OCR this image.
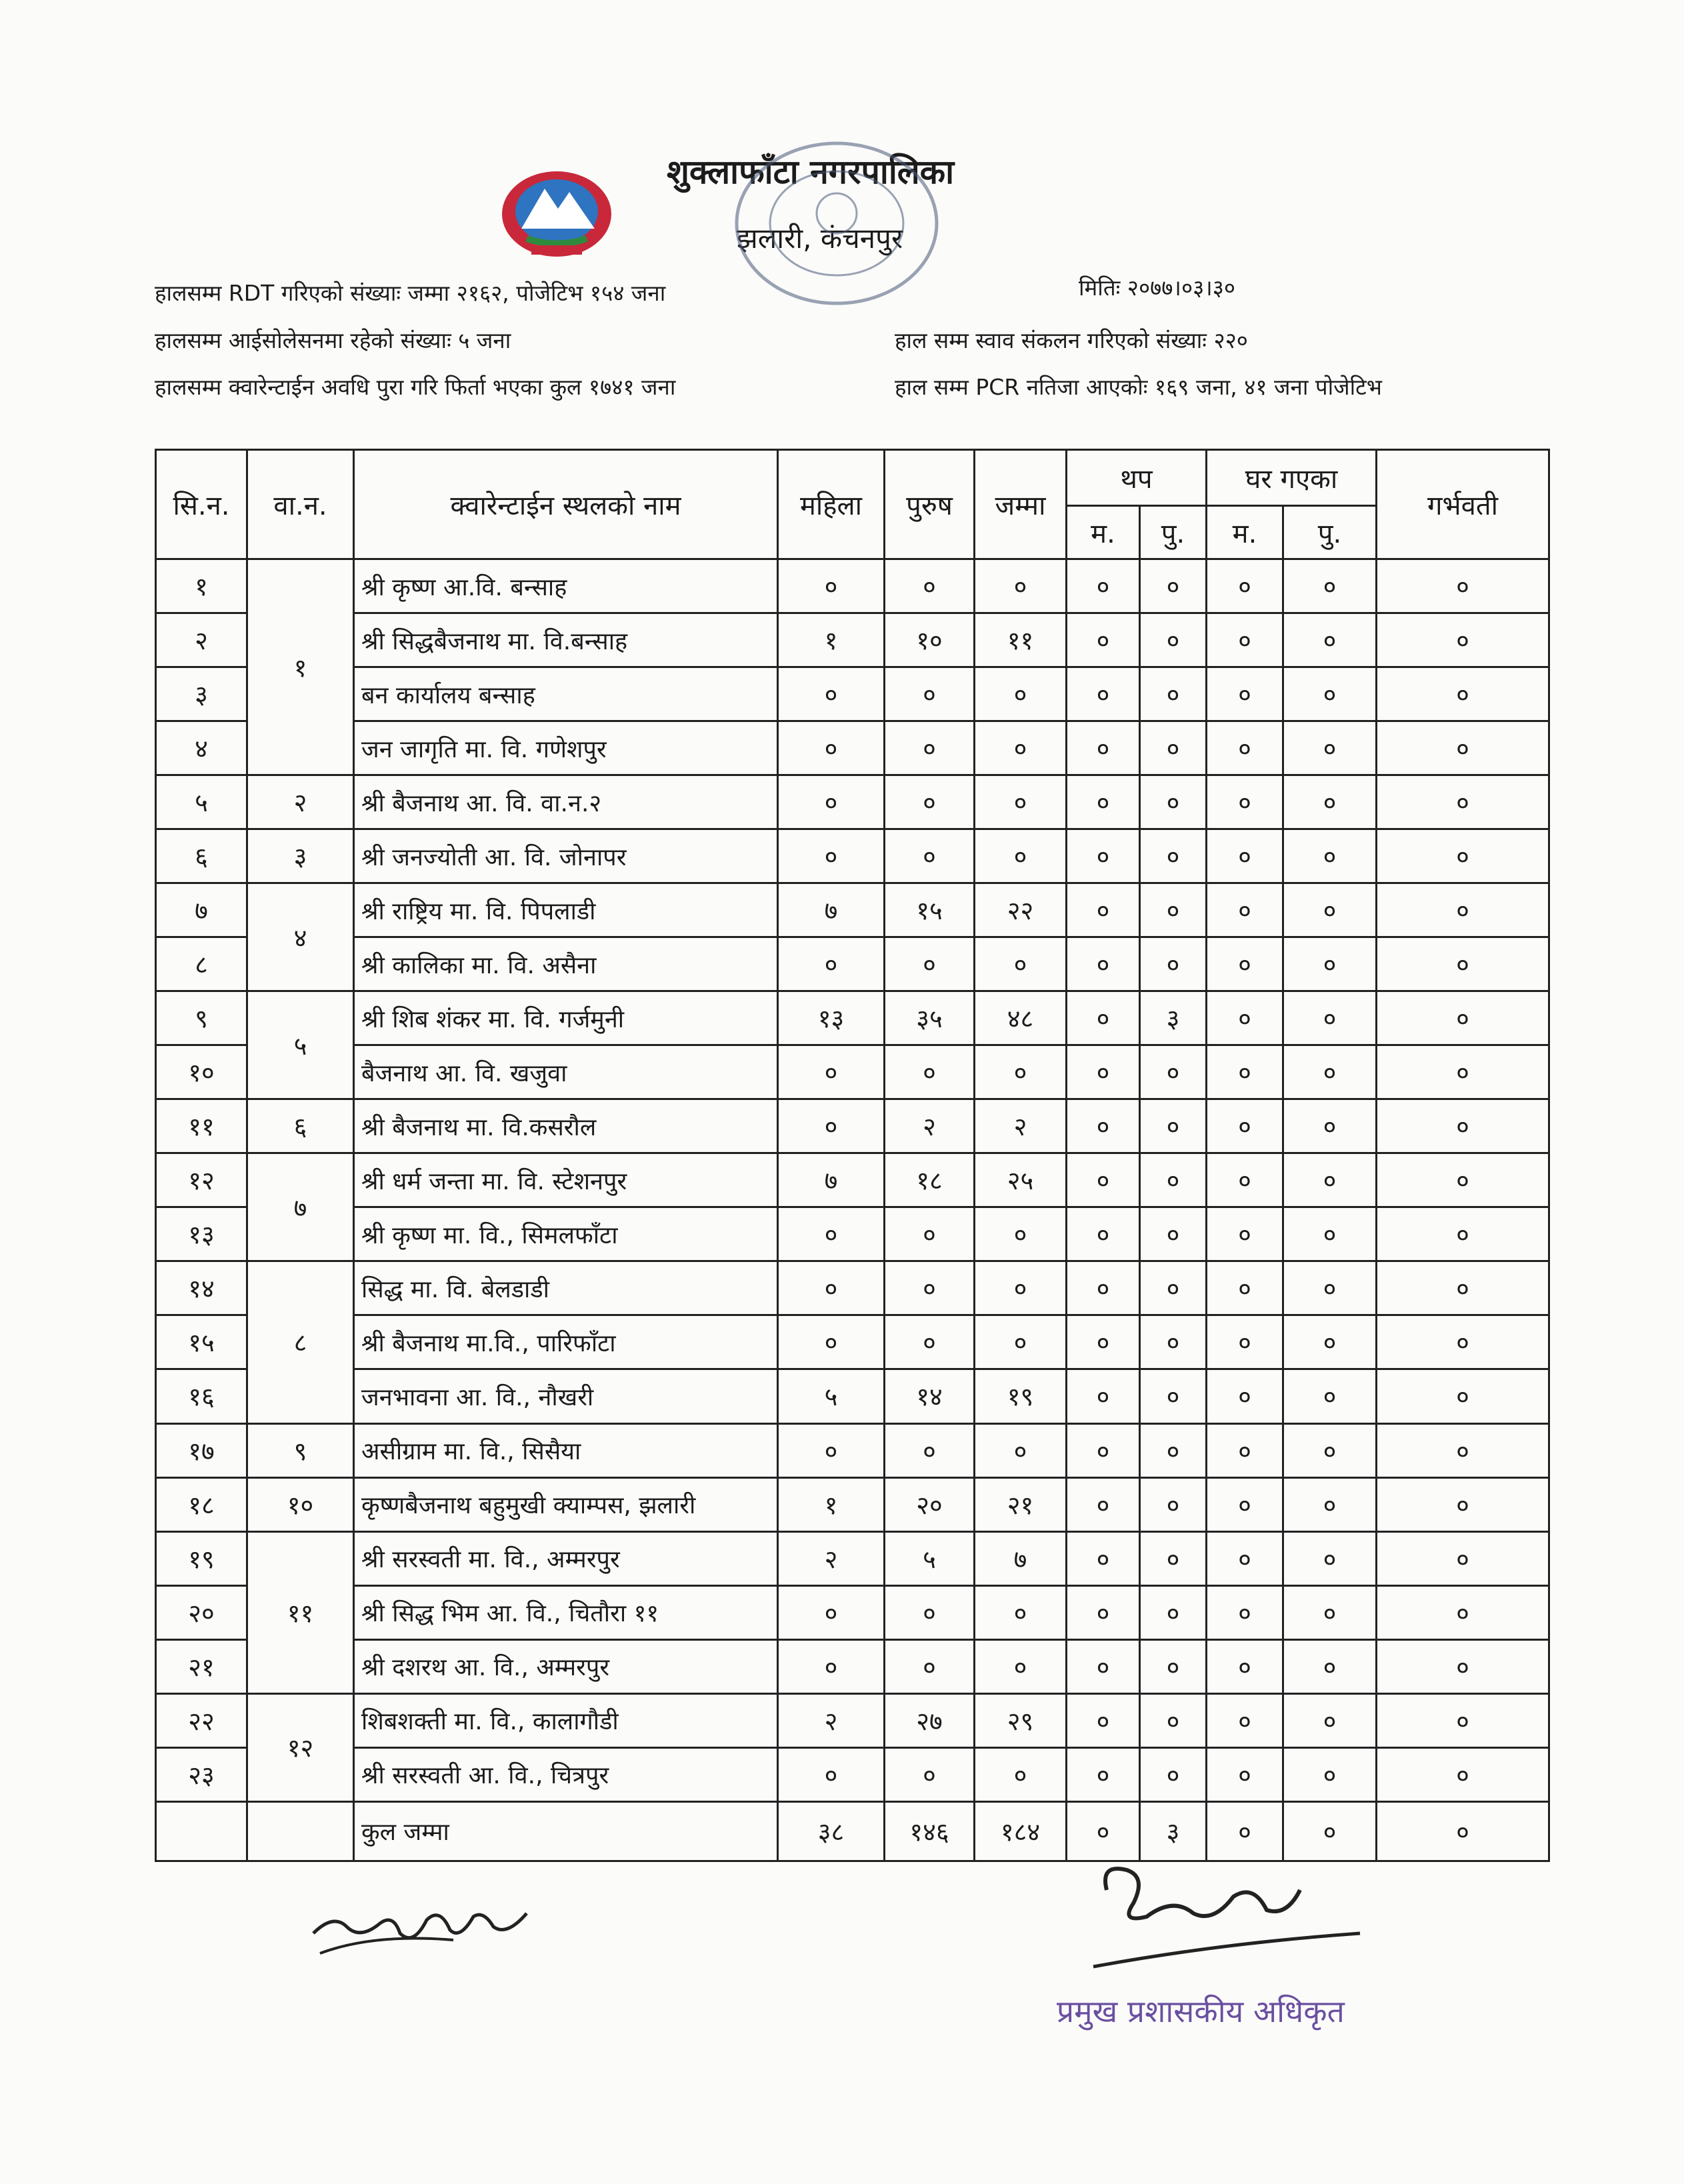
शुक्लाफाँटा नगरपालिका
झलारी, कंचनपुर
हालसम्म RDT गरिएको संख्याः जम्मा २१६२, पोजेटिभ १५४ जना	मितिः २०७७।०३।३०
हालसम्म आईसोलेसनमा रहेको संख्याः ५ जना	हाल सम्म स्वाव संकलन गरिएको संख्याः २२०
हालसम्म क्वारेन्टाईन अवधि पुरा गरि फिर्ता भएका कुल १७४१ जना	हाल सम्म PCR नतिजा आएकोः १६९ जना, ४१ जना पोजेटिभ
सि.न.	वा.न.	क्वारेन्टाईन स्थलको नाम	महिला	पुरुष	जम्मा	थप		घर गएका		गर्भवती
						म.	पु.	म.	पु.	
१	१	श्री कृष्ण आ.वि. बन्साह	०	०	०	०	०	०	०	०
२		श्री सिद्धबैजनाथ मा. वि.बन्साह	१	१०	११	०	०	०	०	०
३		बन कार्यालय बन्साह	०	०	०	०	०	०	०	०
४		जन जागृति मा. वि. गणेशपुर	०	०	०	०	०	०	०	०
५	२	श्री बैजनाथ आ. वि. वा.न.२	०	०	०	०	०	०	०	०
६	३	श्री जनज्योती आ. वि. जोनापर	०	०	०	०	०	०	०	०
७	४	श्री राष्ट्रिय मा. वि. पिपलाडी	७	१५	२२	०	०	०	०	०
८		श्री कालिका मा. वि. असैना	०	०	०	०	०	०	०	०
९	५	श्री शिब शंकर मा. वि. गर्जमुनी	१३	३५	४८	०	३	०	०	०
१०		बैजनाथ आ. वि. खजुवा	०	०	०	०	०	०	०	०
११	६	श्री बैजनाथ मा. वि.कसरौल	०	२	२	०	०	०	०	०
१२	७	श्री धर्म जन्ता मा. वि. स्टेशनपुर	७	१८	२५	०	०	०	०	०
१३		श्री कृष्ण मा. वि., सिमलफाँटा	०	०	०	०	०	०	०	०
१४	८	सिद्ध मा. वि. बेलडाडी	०	०	०	०	०	०	०	०
१५		श्री बैजनाथ मा.वि., पारिफाँटा	०	०	०	०	०	०	०	०
१६		जनभावना आ. वि., नौखरी	५	१४	१९	०	०	०	०	०
१७	९	असीग्राम मा. वि., सिसैया	०	०	०	०	०	०	०	०
१८	१०	कृष्णबैजनाथ बहुमुखी क्याम्पस, झलारी	१	२०	२१	०	०	०	०	०
१९	११	श्री सरस्वती मा. वि., अम्मरपुर	२	५	७	०	०	०	०	०
२०		श्री सिद्ध भिम आ. वि., चितौरा ११	०	०	०	०	०	०	०	०
२१		श्री दशरथ आ. वि., अम्मरपुर	०	०	०	०	०	०	०	०
२२	१२	शिबशक्ती मा. वि., कालागौडी	२	२७	२९	०	०	०	०	०
२३		श्री सरस्वती आ. वि., चित्रपुर	०	०	०	०	०	०	०	०
		कुल जम्मा	३८	१४६	१८४	०	३	०	०	०
प्रमुख प्रशासकीय अधिकृत
